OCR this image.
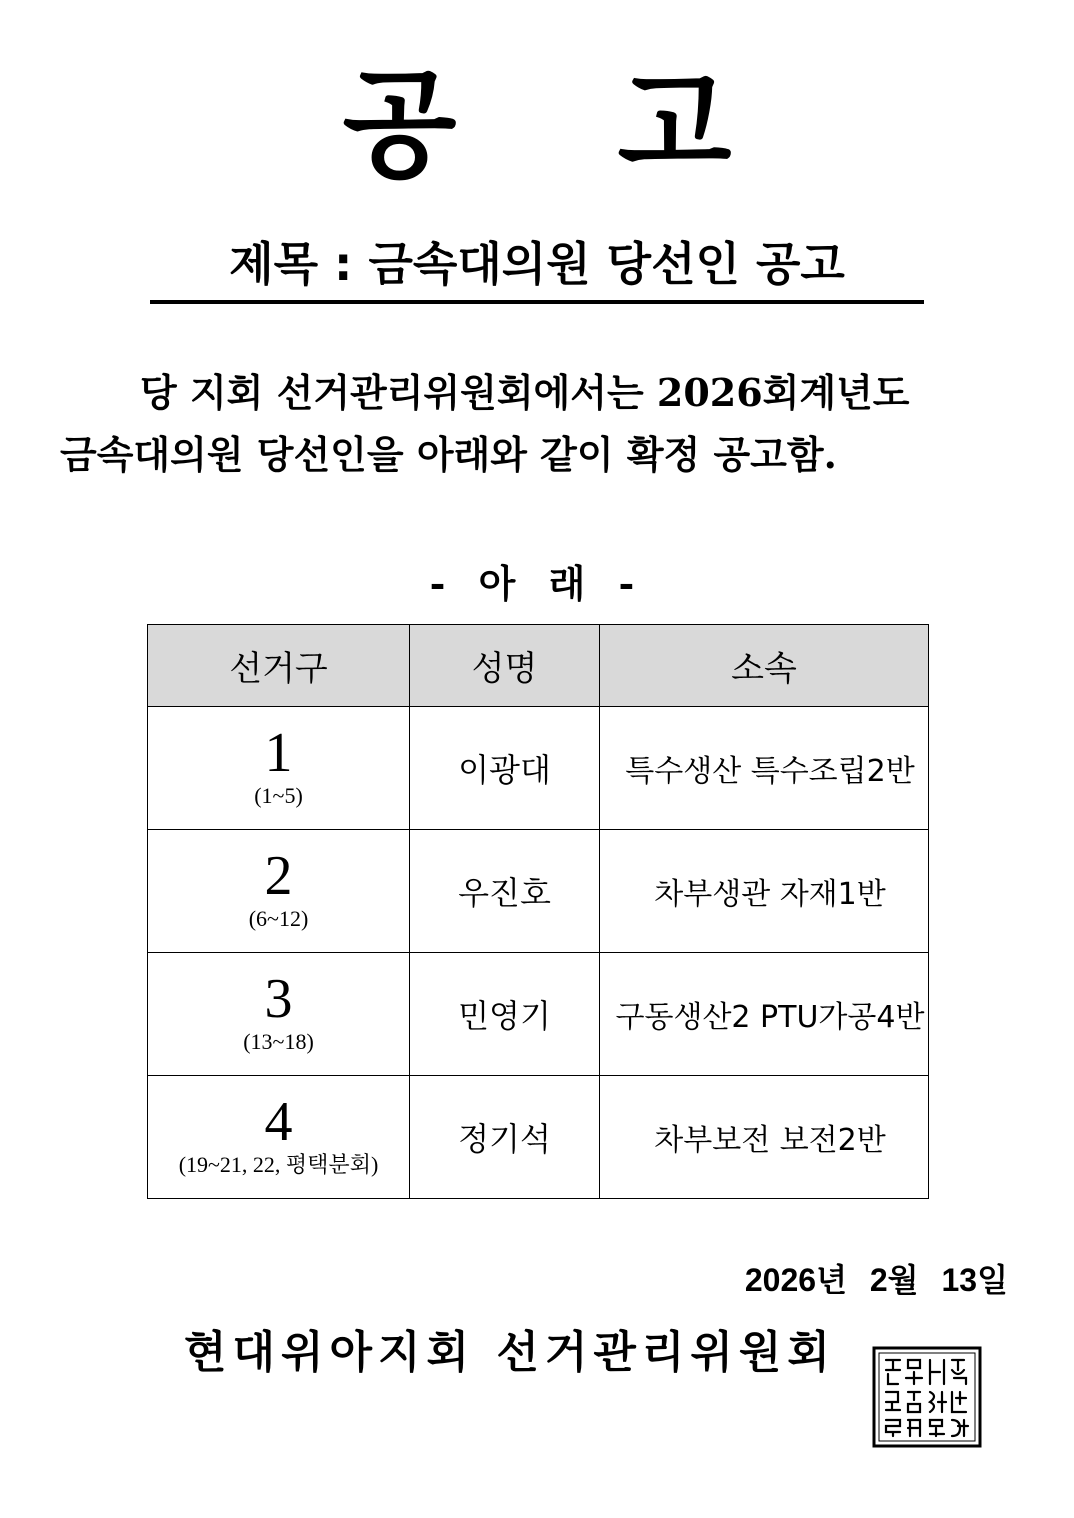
공 고
제목 : 금속대의원 당선인 공고
당 지회 선거관리위원회에서는 2026회계년도
금속대의원 당선인을 아래와 같이 확정 공고함.
- 아 래 -
선거구	성명	소속

1
(1~5)	이광대	특수생산 특수조립2반

2
(6~12)	우진호	차부생관 자재1반

3
(13~18)	민영기	구동생산2 PTU가공4반

4
(19~21, 22, 평택분회)	정기석	차부보전 보전2반
2026년 2월 13일
현대위아지회 선거관리위원회
